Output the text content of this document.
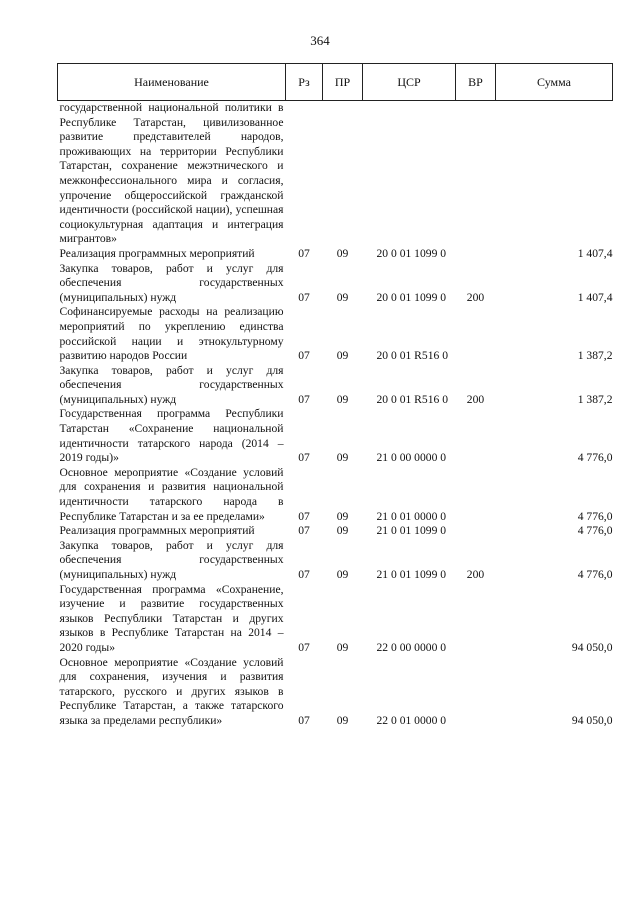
364
Наименование	Рз	ПР	ЦСР	ВР	Сумма
государственной национальной политики в Республике Татарстан, цивилизованное развитие представителей народов, проживающих на территории Республики Татарстан, сохранение межэтнического и межконфессионального мира и согласия, упрочение общероссийской гражданской идентичности (российской нации), успешная социокультурная адаптация и интеграция мигрантов»					
Реализация программных мероприятий	07	09	20 0 01 1099 0		1 407,4
Закупка товаров, работ и услуг для обеспечения государственных (муниципальных) нужд	07	09	20 0 01 1099 0	200	1 407,4
Софинансируемые расходы на реализацию мероприятий по укреплению единства российской нации и этнокультурному развитию народов России	07	09	20 0 01 R516 0		1 387,2
Закупка товаров, работ и услуг для обеспечения государственных (муниципальных) нужд	07	09	20 0 01 R516 0	200	1 387,2
Государственная программа Республики Татарстан «Сохранение национальной идентичности татарского народа (2014 – 2019 годы)»	07	09	21 0 00 0000 0		4 776,0
Основное мероприятие «Создание условий для сохранения и развития национальной идентичности татарского народа в Республике Татарстан и за ее пределами»	07	09	21 0 01 0000 0		4 776,0
Реализация программных мероприятий	07	09	21 0 01 1099 0		4 776,0
Закупка товаров, работ и услуг для обеспечения государственных (муниципальных) нужд	07	09	21 0 01 1099 0	200	4 776,0
Государственная программа «Сохранение, изучение и развитие государственных языков Республики Татарстан и других языков в Республике Татарстан на 2014 – 2020 годы»	07	09	22 0 00 0000 0		94 050,0
Основное мероприятие «Создание условий для сохранения, изучения и развития татарского, русского и других языков в Республике Татарстан, а также татарского языка за пределами республики»	07	09	22 0 01 0000 0		94 050,0
